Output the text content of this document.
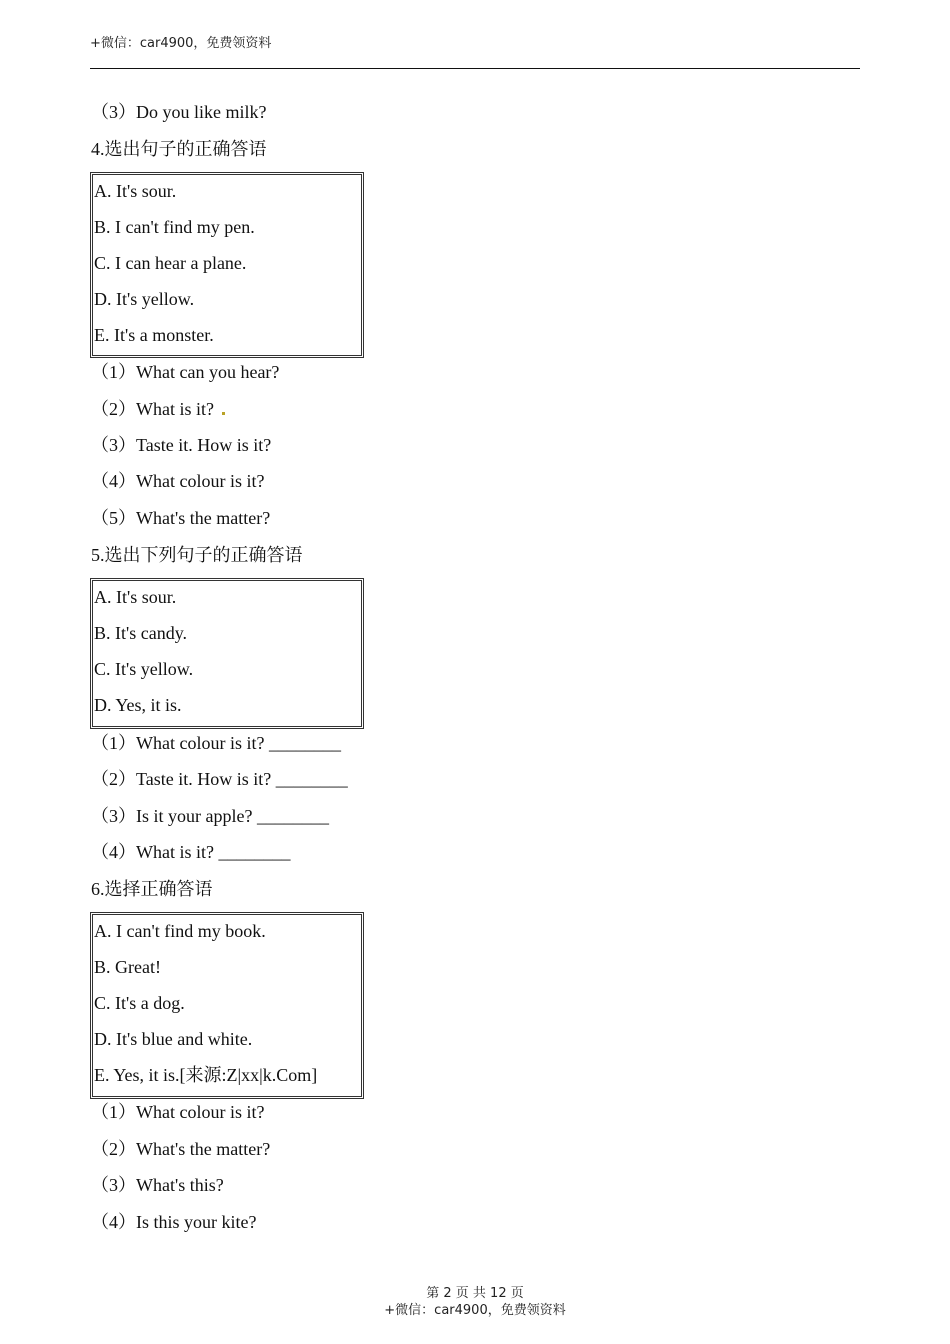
+微信：car4900，免费领资料
（3）Do you like milk?
4.选出句子的正确答语
A. It's sour.
B. I can't find my pen.
C. I can hear a plane.
D. It's yellow.
E. It's a monster.
（1）What can you hear?
（2）What is it?
（3）Taste it. How is it?
（4）What colour is it?
（5）What's the matter?
5.选出下列句子的正确答语
A. It's sour.
B. It's candy.
C. It's yellow.
D. Yes, it is.
（1）What colour is it? ________
（2）Taste it. How is it? ________
（3）Is it your apple? ________
（4）What is it? ________
6.选择正确答语
A. I can't find my book.
B. Great!
C. It's a dog.
D. It's blue and white.
E. Yes, it is.[来源:Z|xx|k.Com]
（1）What colour is it?
（2）What's the matter?
（3）What's this?
（4）Is this your kite?
第 2 页 共 12 页
+微信：car4900，免费领资料
